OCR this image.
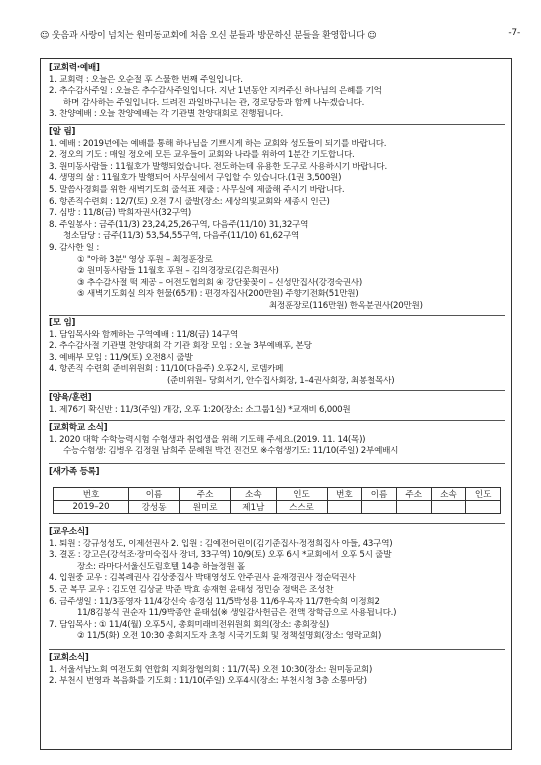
☺ 웃음과 사랑이 넘치는 원미동교회에 처음 오신 분들과 방문하신 분들을 환영합니다 ☺	-7-
[교회력·예배]
1. 교회력 : 오늘은 오순절 후 스물한 번째 주일입니다.
2. 추수감사주일 : 오늘은 추수감사주일입니다. 지난 1년동안 지켜주신 하나님의 은혜를 기억
하며 감사하는 주일입니다. 드려진 과일바구니는 관, 경로당등과 함께 나누겠습니다.
3. 찬양예배 : 오늘 찬양예배는 각 기관별 찬양대회로 진행됩니다.
[알 림]
1. 예배 : 2019년에는 예배를 통해 하나님을 기쁘시게 하는 교회와 성도들이 되기를 바랍니다.
2. 정오의 기도 : 매일 정오에 모든 교우들이 교회와 나라를 위하여 1분간 기도합니다.
3. 원미동사람들 : 11월호가 발행되었습니다. 전도하는데 유용한 도구로 사용하시기 바랍니다.
4. 생명의 삶 : 11월호가 발행되어 사무실에서 구입할 수 있습니다.(1권 3,500원)
5. 말씀사경회를 위한 새벽기도회 출석표 제출 : 사무실에 제출해 주시기 바랍니다.
6. 항존직수련회 : 12/7(토) 오전 7시 출발(장소: 세상의빛교회와 세종시 인근)
7. 심방 : 11/8(금) 박희자권사(32구역)
8. 주일봉사 : 금주(11/3) 23,24,25,26구역, 다음주(11/10) 31,32구역
청소담당 : 금주(11/3) 53,54,55구역, 다음주(11/10) 61,62구역
9. 감사한 일 :
① "아하 3분" 영상 후원 – 최정훈장로
② 원미동사람들 11월호 후원 – 김의경장로(김은희권사)
③ 추수감사절 떡 제공 – 어전도협의회 ④ 강단꽃꽂이 – 신성만집사(강경숙권사)
⑤ 새벽기도회실 의자 헌물(65개) : 편경자집사(200만원) 주향기전화(51만원)
최정훈장로(116만원) 한옥분권사(20만원)
[모 임]
1. 담임목사와 함께하는 구역예배 : 11/8(금) 14구역
2. 추수감사절 기관별 찬양대회 각 기관 회장 모임 : 오늘 3부예배후, 본당
3. 예배부 모임 : 11/9(토) 오전8시 출발
4. 항존직 수련회 준비위원회 : 11/10(다음주) 오후2시, 로뎀카페
(준비위원– 당회서기, 안수집사회장, 1–4권사회장, 최봉철목사)
[양육/훈련]
1. 제76기 확신반 : 11/3(주일) 개강, 오후 1:20(장소: 소그룹1실) *교재비 6,000원
[교회학교 소식]
1. 2020 대학 수학능력시험 수험생과 취업생을 위해 기도해 주세요.(2019. 11. 14(목))
수능수험생: 김병우 김정원 남희주 문혜원 박건 진건모 ※수험생기도: 11/10(주일) 2부예배시
[새가족 등록]
번호	이름	주소	소속	인도	번호	이름	주소	소속	인도
2019–20	강성동	원미로	제1남	스스로					
[교우소식]
1. 퇴원 : 강규성성도, 이제선권사 2. 입원 : 김예전어린이(김기준집사·정정희집사 아들, 43구역)
3. 결혼 : 강고은(강석조·장미숙집사 장녀, 33구역) 10/9(토) 오후 6시 *교회에서 오후 5시 출발
장소: 라마다서울신도림호텔 14층 하늘정원 홀
4. 입원중 교우 : 김복례권사 김상중집사 박태영성도 안주권사 윤재경권사 정순덕권사
5. 군 복무 교우 : 김도연 김상균 박준 박효 송재현 윤태성 정민승 정택은 조성찬
6. 금주생일 : 11/3홍영자 11/4강신숙 송경심 11/5박성용 11/6우옥자 11/7한숙희 이정희2
11/8김봉식 권순자 11/9박종안 윤태섭(※ 생일감사헌금은 전액 장학금으로 사용됩니다.)
7. 담임목사 : ① 11/4(월) 오후5시, 총회미래비전위원회 회의(장소: 총회장실)
② 11/5(화) 오전 10:30 총회지도자 초청 시국기도회 및 정책설명회(장소: 영락교회)
[교회소식]
1. 서울서남노회 여전도회 연합회 지회장협의회 : 11/7(목) 오전 10:30(장소: 원미동교회)
2. 부천시 번영과 복음화를 기도회 : 11/10(주일) 오후4시(장소: 부천시청 3층 소통마당)
